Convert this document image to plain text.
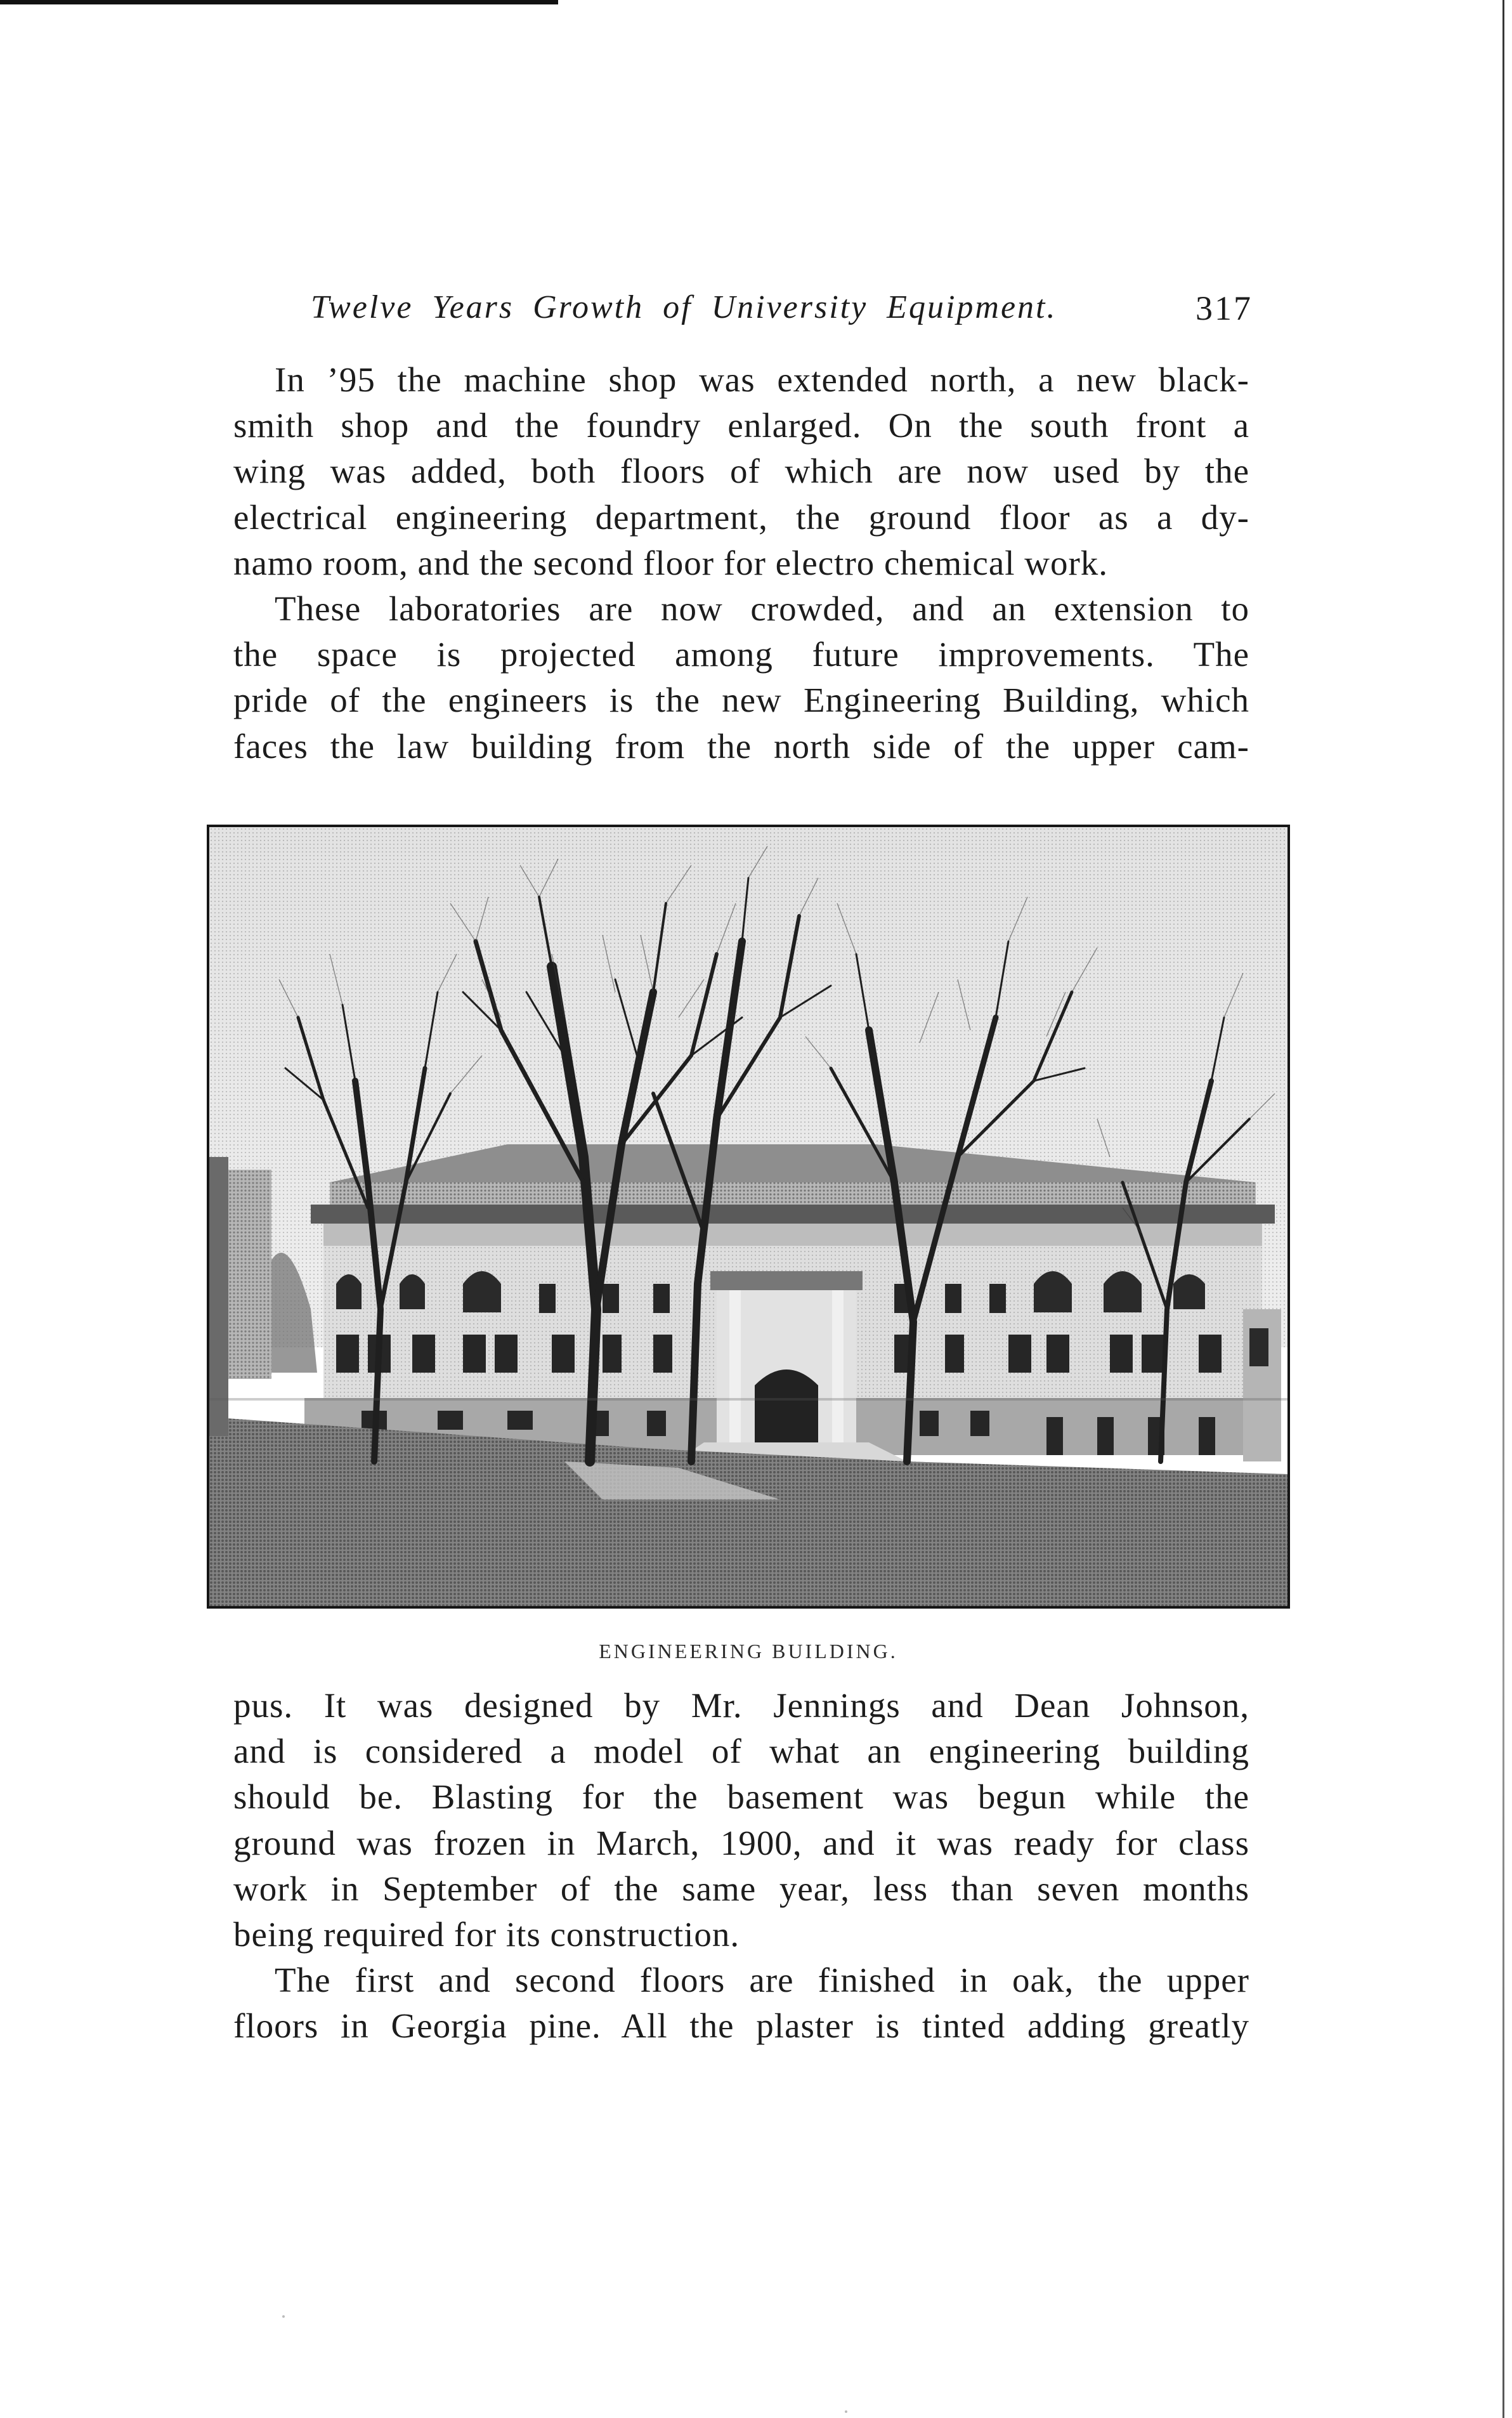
Twelve Years Growth of University Equipment.	317
In ’95 the machine shop was extended north, a new black-
smith shop and the foundry enlarged. On the south front a
wing was added, both floors of which are now used by the
electrical engineering department, the ground floor as a dy-
namo room, and the second floor for electro chemical work.
These laboratories are now crowded, and an extension to
the space is projected among future improvements. The
pride of the engineers is the new Engineering Building, which
faces the law building from the north side of the upper cam-
ENGINEERING BUILDING.
pus. It was designed by Mr. Jennings and Dean Johnson,
and is considered a model of what an engineering building
should be. Blasting for the basement was begun while the
ground was frozen in March, 1900, and it was ready for class
work in September of the same year, less than seven months
being required for its construction.
The first and second floors are finished in oak, the upper
floors in Georgia pine. All the plaster is tinted adding greatly
